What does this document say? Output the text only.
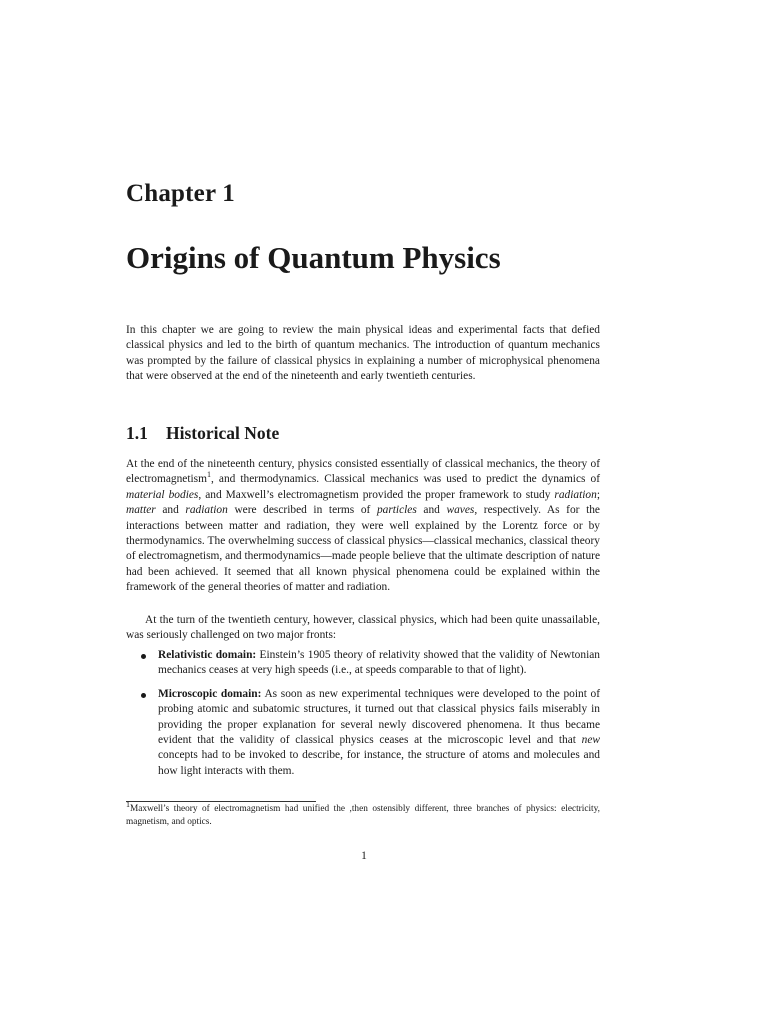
Chapter 1
Origins of Quantum Physics
In this chapter we are going to review the main physical ideas and experimental facts that defied classical physics and led to the birth of quantum mechanics. The introduction of quantum mechanics was prompted by the failure of classical physics in explaining a number of microphysical phenomena that were observed at the end of the nineteenth and early twentieth centuries.
1.1 Historical Note
At the end of the nineteenth century, physics consisted essentially of classical mechanics, the theory of electromagnetism$^1$, and thermodynamics. Classical mechanics was used to predict the dynamics of material bodies, and Maxwell’s electromagnetism provided the proper framework to study radiation; matter and radiation were described in terms of particles and waves, respectively. As for the interactions between matter and radiation, they were well explained by the Lorentz force or by thermodynamics. The overwhelming success of classical physics—classical mechanics, classical theory of electromagnetism, and thermodynamics—made people believe that the ultimate description of nature had been achieved. It seemed that all known physical phenomena could be explained within the framework of the general theories of matter and radiation.
At the turn of the twentieth century, however, classical physics, which had been quite unassailable, was seriously challenged on two major fronts:
Relativistic domain: Einstein’s 1905 theory of relativity showed that the validity of Newtonian mechanics ceases at very high speeds (i.e., at speeds comparable to that of light).
Microscopic domain: As soon as new experimental techniques were developed to the point of probing atomic and subatomic structures, it turned out that classical physics fails miserably in providing the proper explanation for several newly discovered phenomena. It thus became evident that the validity of classical physics ceases at the microscopic level and that new concepts had to be invoked to describe, for instance, the structure of atoms and molecules and how light interacts with them.
$^1$Maxwell’s theory of electromagnetism had unified the ,then ostensibly different, three branches of physics: electricity, magnetism, and optics.
1
